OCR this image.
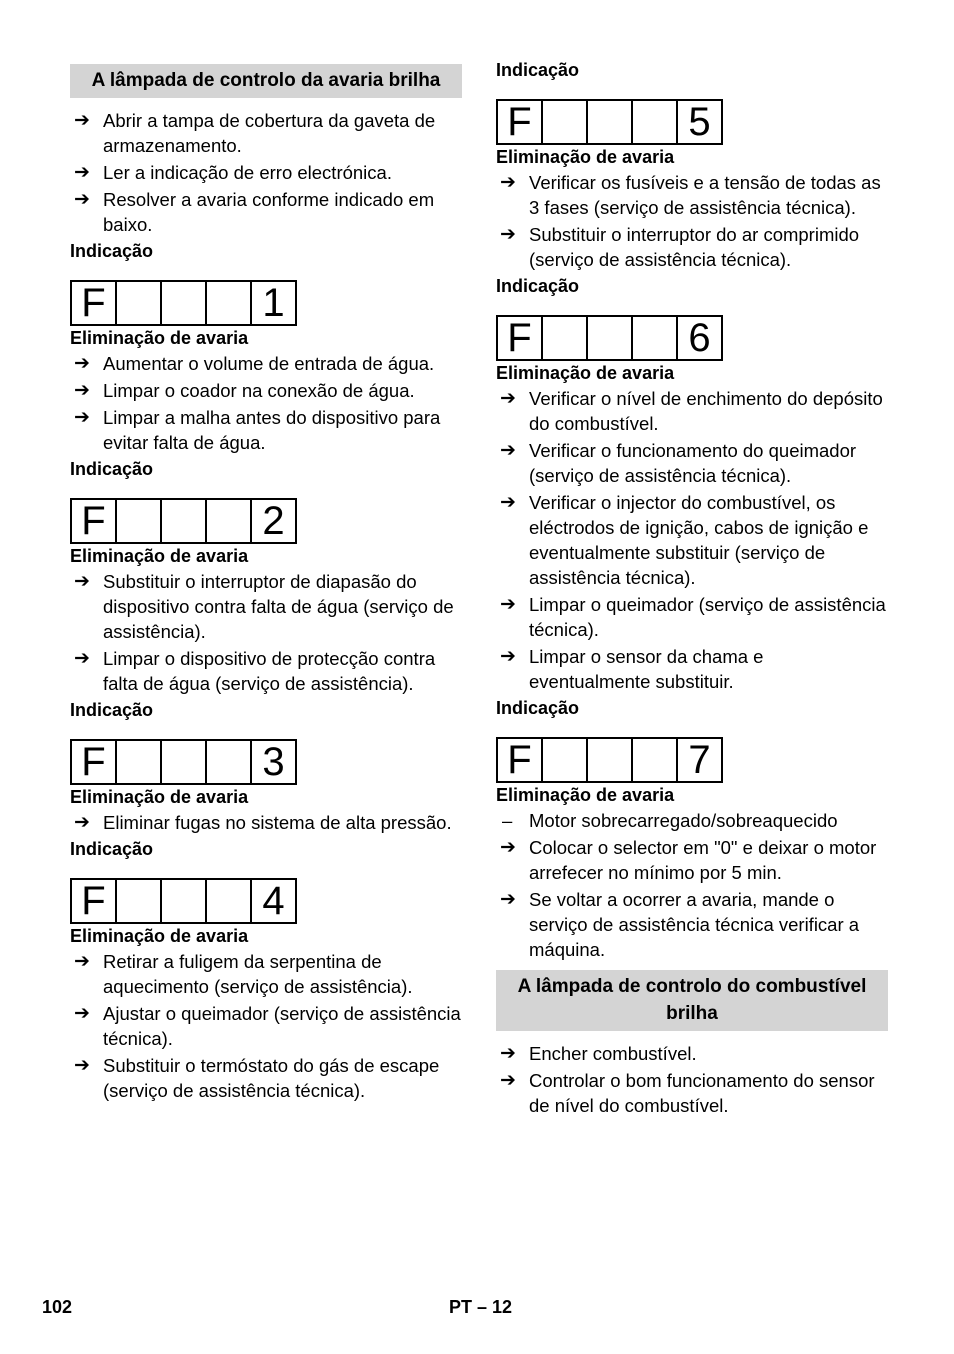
A lâmpada de controlo da avaria brilha
➔ Abrir a tampa de cobertura da gaveta de armazenamento.
➔ Ler a indicação de erro electrónica.
➔ Resolver a avaria conforme indicado em baixo.
Indicação
F	1
Eliminação de avaria
➔ Aumentar o volume de entrada de água.
➔ Limpar o coador na conexão de água.
➔ Limpar a malha antes do dispositivo para evitar falta de água.
Indicação
F	2
Eliminação de avaria
➔ Substituir o interruptor de diapasão do dispositivo contra falta de água (serviço de assistência).
➔ Limpar o dispositivo de protecção contra falta de água (serviço de assistência).
Indicação
F	3
Eliminação de avaria
➔ Eliminar fugas no sistema de alta pressão.
Indicação
F	4
Eliminação de avaria
➔ Retirar a fuligem da serpentina de aquecimento (serviço de assistência).
➔ Ajustar o queimador (serviço de assistência técnica).
➔ Substituir o termóstato do gás de escape (serviço de assistência técnica).
Indicação
F	5
Eliminação de avaria
➔ Verificar os fusíveis e a tensão de todas as 3 fases (serviço de assistência técnica).
➔ Substituir o interruptor do ar comprimido (serviço de assistência técnica).
Indicação
F	6
Eliminação de avaria
➔ Verificar o nível de enchimento do depósito do combustível.
➔ Verificar o funcionamento do queimador (serviço de assistência técnica).
➔ Verificar o injector do combustível, os eléctrodos de ignição, cabos de ignição e eventualmente substituir (serviço de assistência técnica).
➔ Limpar o queimador (serviço de assistência técnica).
➔ Limpar o sensor da chama e eventualmente substituir.
Indicação
F	7
Eliminação de avaria
– Motor sobrecarregado/sobreaquecido
➔ Colocar o selector em "0" e deixar o motor arrefecer no mínimo por 5 min.
➔ Se voltar a ocorrer a avaria, mande o serviço de assistência técnica verificar a máquina.
A lâmpada de controlo do combustível brilha
➔ Encher combustível.
➔ Controlar o bom funcionamento do sensor de nível do combustível.
102	PT – 12
